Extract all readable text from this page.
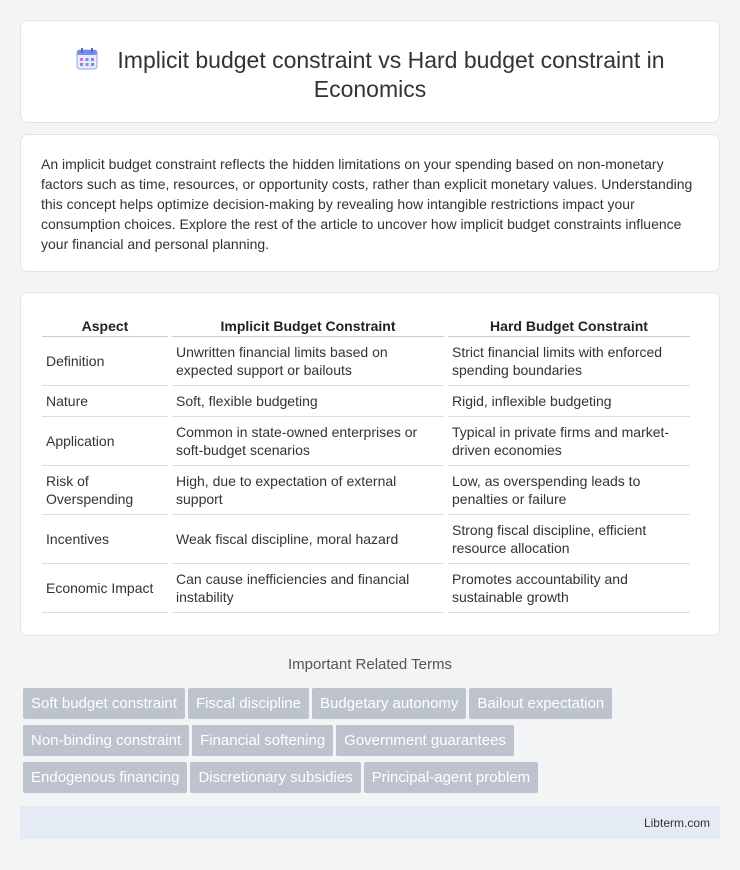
Implicit budget constraint vs Hard budget constraint in
Economics

An implicit budget constraint reflects the hidden limitations on your spending based on non-monetary factors such as time, resources, or opportunity costs, rather than explicit monetary values. Understanding this concept helps optimize decision-making by revealing how intangible restrictions impact your consumption choices. Explore the rest of the article to uncover how implicit budget constraints influence your financial and personal planning.

Aspect	Implicit Budget Constraint	Hard Budget Constraint
Definition	Unwritten financial limits based on expected support or bailouts	Strict financial limits with enforced spending boundaries
Nature	Soft, flexible budgeting	Rigid, inflexible budgeting
Application	Common in state-owned enterprises or soft-budget scenarios	Typical in private firms and market-driven economies
Risk of Overspending	High, due to expectation of external support	Low, as overspending leads to penalties or failure
Incentives	Weak fiscal discipline, moral hazard	Strong fiscal discipline, efficient resource allocation
Economic Impact	Can cause inefficiencies and financial instability	Promotes accountability and sustainable growth
Important Related Terms
Soft budget constraint Fiscal discipline Budgetary autonomy Bailout expectation
Non-binding constraint Financial softening Government guarantees
Endogenous financing Discretionary subsidies Principal-agent problem
Libterm.com
